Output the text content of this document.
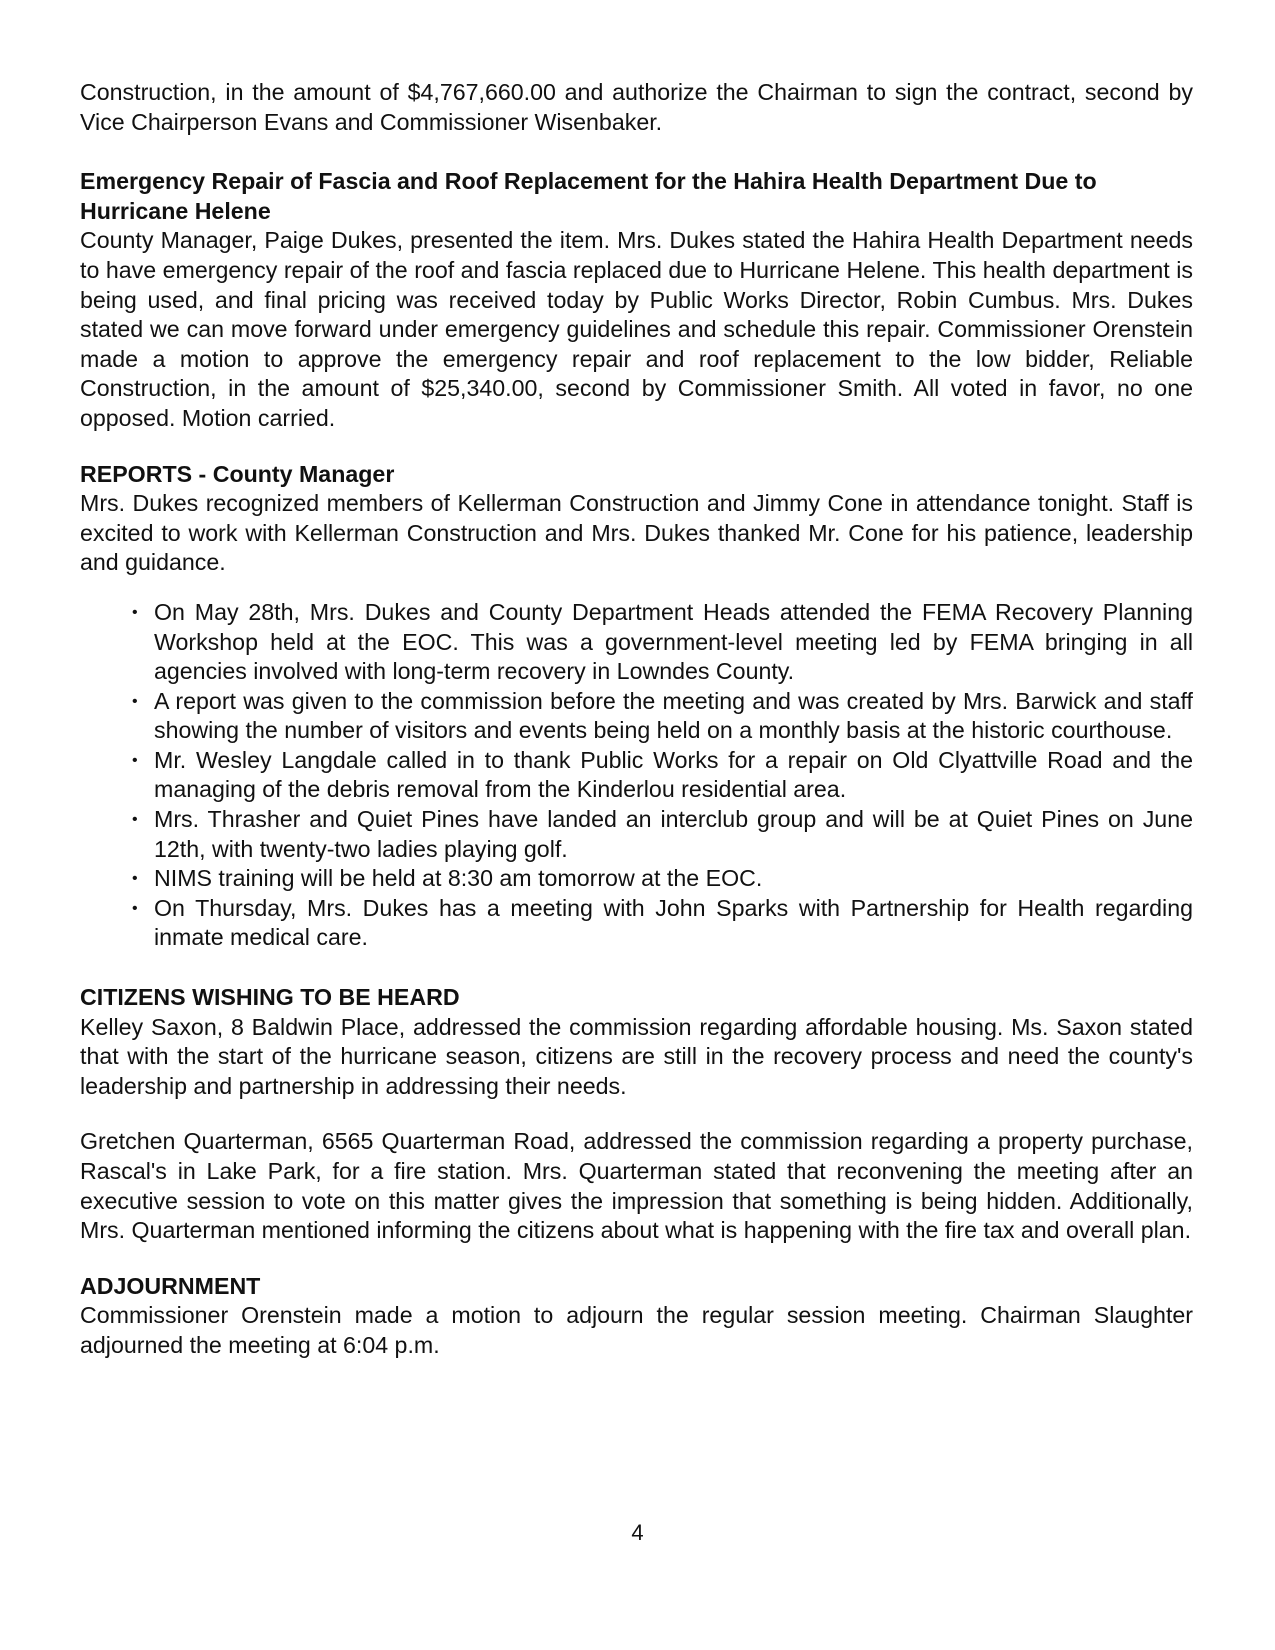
Construction, in the amount of $4,767,660.00 and authorize the Chairman to sign the contract, second by Vice Chairperson Evans and Commissioner Wisenbaker.

Emergency Repair of Fascia and Roof Replacement for the Hahira Health Department Due to Hurricane Helene

County Manager, Paige Dukes, presented the item. Mrs. Dukes stated the Hahira Health Department needs to have emergency repair of the roof and fascia replaced due to Hurricane Helene. This health department is being used, and final pricing was received today by Public Works Director, Robin Cumbus. Mrs. Dukes stated we can move forward under emergency guidelines and schedule this repair. Commissioner Orenstein made a motion to approve the emergency repair and roof replacement to the low bidder, Reliable Construction, in the amount of $25,340.00, second by Commissioner Smith. All voted in favor, no one opposed. Motion carried.

REPORTS - County Manager

Mrs. Dukes recognized members of Kellerman Construction and Jimmy Cone in attendance tonight. Staff is excited to work with Kellerman Construction and Mrs. Dukes thanked Mr. Cone for his patience, leadership and guidance.

• On May 28th, Mrs. Dukes and County Department Heads attended the FEMA Recovery Planning Workshop held at the EOC. This was a government-level meeting led by FEMA bringing in all agencies involved with long-term recovery in Lowndes County.
• A report was given to the commission before the meeting and was created by Mrs. Barwick and staff showing the number of visitors and events being held on a monthly basis at the historic courthouse.
• Mr. Wesley Langdale called in to thank Public Works for a repair on Old Clyattville Road and the managing of the debris removal from the Kinderlou residential area.
• Mrs. Thrasher and Quiet Pines have landed an interclub group and will be at Quiet Pines on June 12th, with twenty-two ladies playing golf.
• NIMS training will be held at 8:30 am tomorrow at the EOC.
• On Thursday, Mrs. Dukes has a meeting with John Sparks with Partnership for Health regarding inmate medical care.

CITIZENS WISHING TO BE HEARD

Kelley Saxon, 8 Baldwin Place, addressed the commission regarding affordable housing. Ms. Saxon stated that with the start of the hurricane season, citizens are still in the recovery process and need the county's leadership and partnership in addressing their needs.

Gretchen Quarterman, 6565 Quarterman Road, addressed the commission regarding a property purchase, Rascal's in Lake Park, for a fire station. Mrs. Quarterman stated that reconvening the meeting after an executive session to vote on this matter gives the impression that something is being hidden. Additionally, Mrs. Quarterman mentioned informing the citizens about what is happening with the fire tax and overall plan.

ADJOURNMENT

Commissioner Orenstein made a motion to adjourn the regular session meeting. Chairman Slaughter adjourned the meeting at 6:04 p.m.

4
